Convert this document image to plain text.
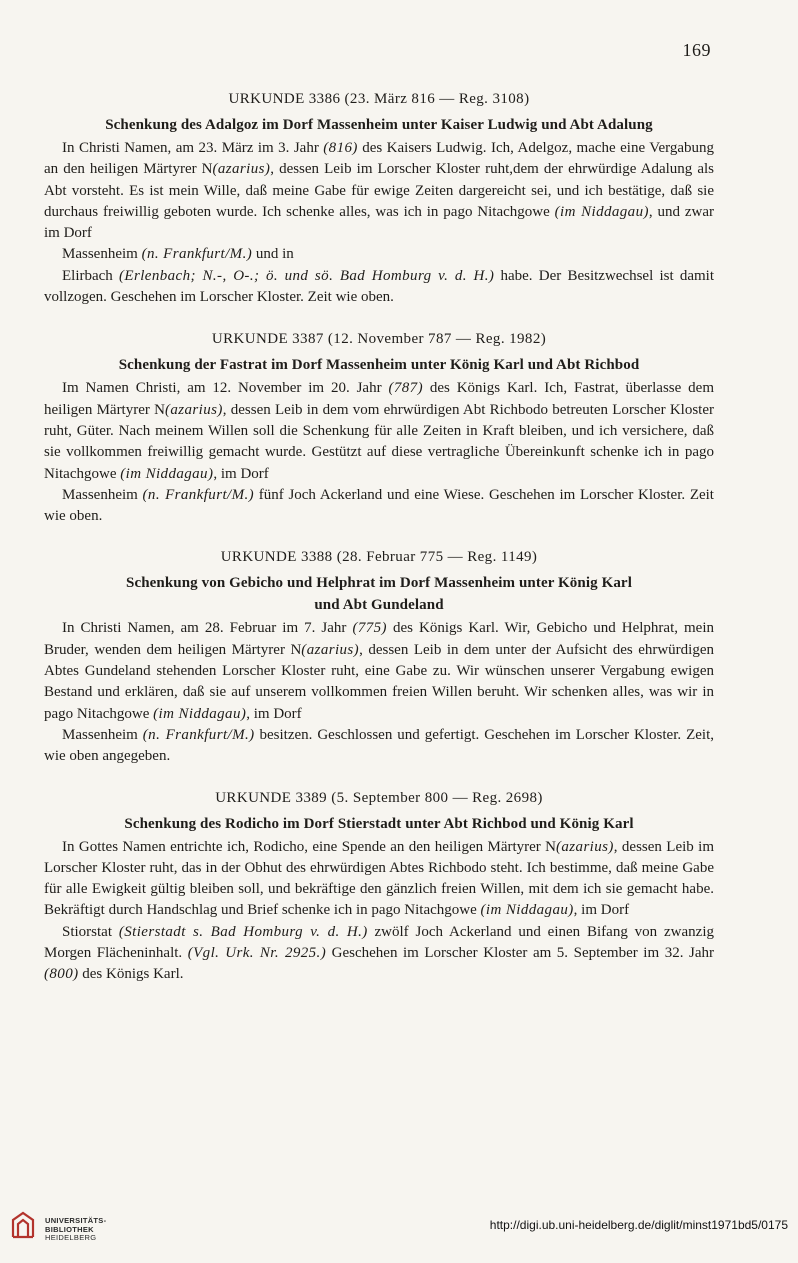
169
URKUNDE 3386 (23. März 816 — Reg. 3108)
Schenkung des Adalgoz im Dorf Massenheim unter Kaiser Ludwig und Abt Adalung

In Christi Namen, am 23. März im 3. Jahr (816) des Kaisers Ludwig. Ich, Adelgoz, mache eine Vergabung an den heiligen Märtyrer N(azarius), dessen Leib im Lorscher Kloster ruht,dem der ehrwürdige Adalung als Abt vorsteht. Es ist mein Wille, daß meine Gabe für ewige Zeiten dargereicht sei, und ich bestätige, daß sie durchaus freiwillig geboten wurde. Ich schenke alles, was ich in pago Nitachgowe (im Niddagau), und zwar im Dorf

Massenheim (n. Frankfurt/M.) und in

Elirbach (Erlenbach; N.-, O-.; ö. und sö. Bad Homburg v. d. H.) habe. Der Besitzwechsel ist damit vollzogen. Geschehen im Lorscher Kloster. Zeit wie oben.

URKUNDE 3387 (12. November 787 — Reg. 1982)
Schenkung der Fastrat im Dorf Massenheim unter König Karl und Abt Richbod

Im Namen Christi, am 12. November im 20. Jahr (787) des Königs Karl. Ich, Fastrat, überlasse dem heiligen Märtyrer N(azarius), dessen Leib in dem vom ehrwürdigen Abt Richbodo betreuten Lorscher Kloster ruht, Güter. Nach meinem Willen soll die Schenkung für alle Zeiten in Kraft bleiben, und ich versichere, daß sie vollkommen freiwillig gemacht wurde. Gestützt auf diese vertragliche Übereinkunft schenke ich in pago Nitachgowe (im Niddagau), im Dorf

Massenheim (n. Frankfurt/M.) fünf Joch Ackerland und eine Wiese. Geschehen im Lorscher Kloster. Zeit wie oben.

URKUNDE 3388 (28. Februar 775 — Reg. 1149)
Schenkung von Gebicho und Helphrat im Dorf Massenheim unter König Karl
und Abt Gundeland

In Christi Namen, am 28. Februar im 7. Jahr (775) des Königs Karl. Wir, Gebicho und Helphrat, mein Bruder, wenden dem heiligen Märtyrer N(azarius), dessen Leib in dem unter der Aufsicht des ehrwürdigen Abtes Gundeland stehenden Lorscher Kloster ruht, eine Gabe zu. Wir wünschen unserer Vergabung ewigen Bestand und erklären, daß sie auf unserem vollkommen freien Willen beruht. Wir schenken alles, was wir in pago Nitachgowe (im Niddagau), im Dorf

Massenheim (n. Frankfurt/M.) besitzen. Geschlossen und gefertigt. Geschehen im Lorscher Kloster. Zeit, wie oben angegeben.

URKUNDE 3389 (5. September 800 — Reg. 2698)
Schenkung des Rodicho im Dorf Stierstadt unter Abt Richbod und König Karl

In Gottes Namen entrichte ich, Rodicho, eine Spende an den heiligen Märtyrer N(azarius), dessen Leib im Lorscher Kloster ruht, das in der Obhut des ehrwürdigen Abtes Richbodo steht. Ich bestimme, daß meine Gabe für alle Ewigkeit gültig bleiben soll, und bekräftige den gänzlich freien Willen, mit dem ich sie gemacht habe. Bekräftigt durch Handschlag und Brief schenke ich in pago Nitachgowe (im Niddagau), im Dorf

Stiorstat (Stierstadt s. Bad Homburg v. d. H.) zwölf Joch Ackerland und einen Bifang von zwanzig Morgen Flächeninhalt. (Vgl. Urk. Nr. 2925.) Geschehen im Lorscher Kloster am 5. September im 32. Jahr (800) des Königs Karl.

UNIVERSITÄTS-
BIBLIOTHEK
HEIDELBERG
http://digi.ub.uni-heidelberg.de/diglit/minst1971bd5/0175
